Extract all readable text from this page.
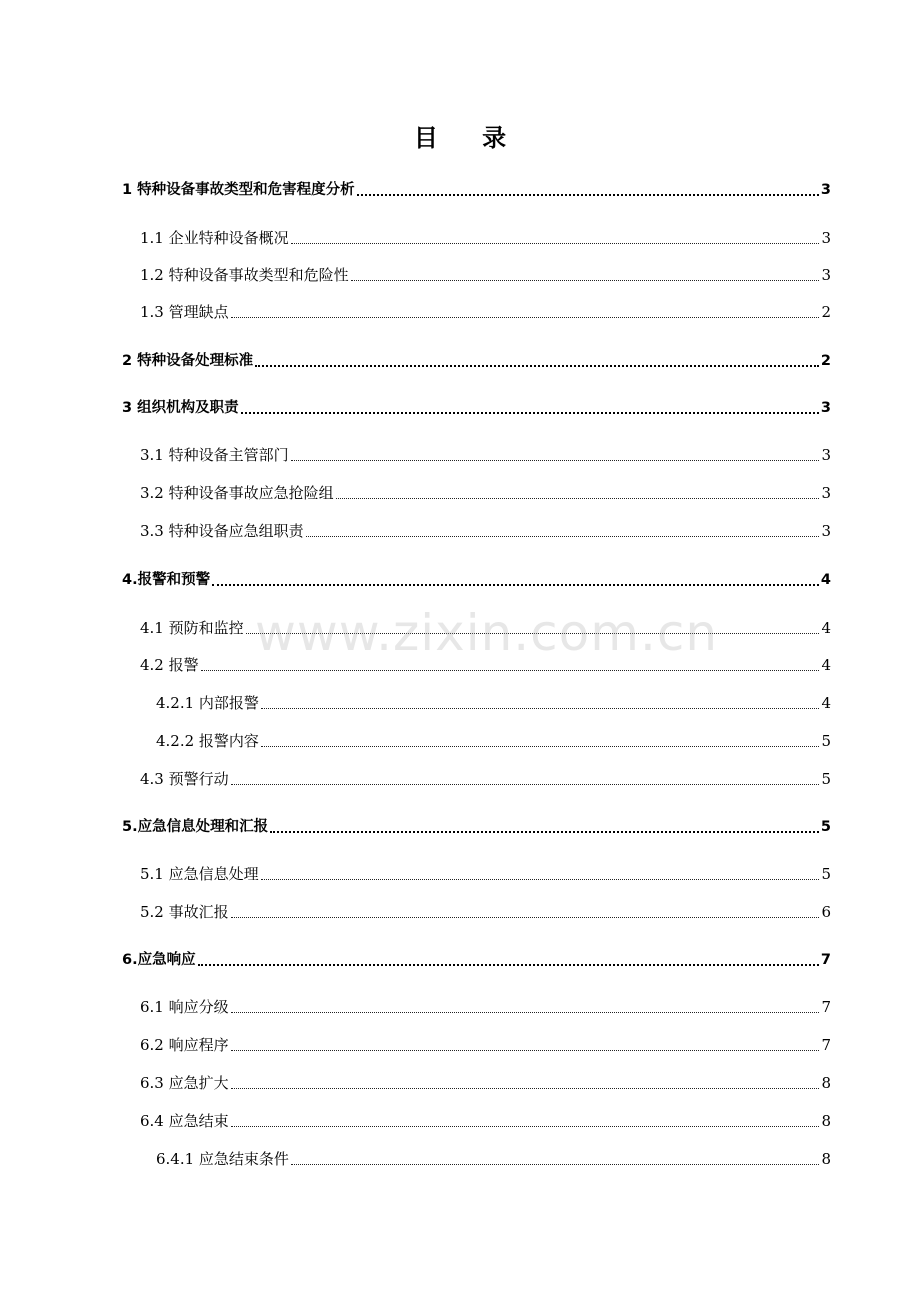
目 录
1 特种设备事故类型和危害程度分析	3
1.1 企业特种设备概况	3
1.2 特种设备事故类型和危险性	3
1.3 管理缺点	2
2 特种设备处理标准	2
3 组织机构及职责	3
3.1 特种设备主管部门	3
3.2 特种设备事故应急抢险组	3
3.3 特种设备应急组职责	3
4.报警和预警	4
4.1 预防和监控	4
4.2 报警	4
4.2.1 内部报警	4
4.2.2 报警内容	5
4.3 预警行动	5
5.应急信息处理和汇报	5
5.1 应急信息处理	5
5.2 事故汇报	6
6.应急响应	7
6.1 响应分级	7
6.2 响应程序	7
6.3 应急扩大	8
6.4 应急结束	8
6.4.1 应急结束条件	8
www.zixin.com.cn
